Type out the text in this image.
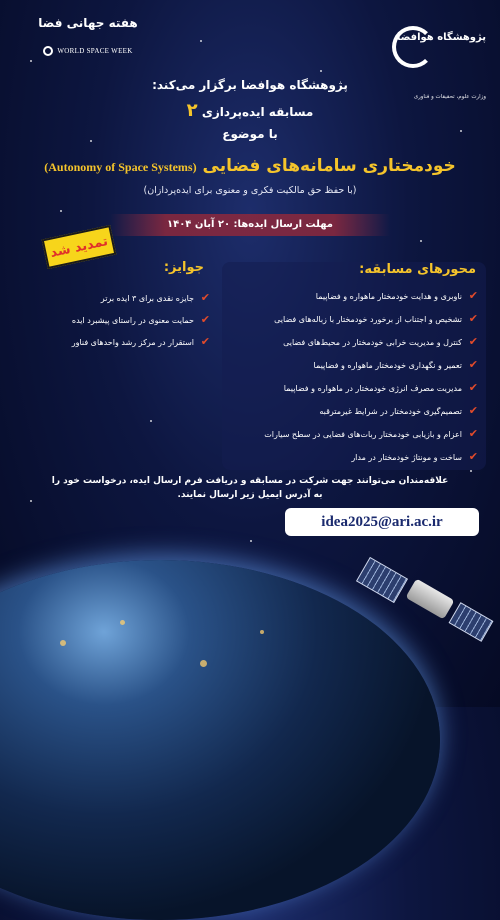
هفته جهانی فضا
WORLD SPACE WEEK
پژوهشگاه هوافضا
وزارت علوم، تحقیقات و فناوری
پژوهشگاه هوافضا برگزار می‌کند:
مسابقه ایده‌پردازی ۲
با موضوع
خودمختاری سامانه‌های فضایی (Autonomy of Space Systems)
(با حفظ حق مالکیت فکری و معنوی برای ایده‌پردازان)
مهلت ارسال ایده‌ها: ۲۰ آبان ۱۴۰۴
تمدید شد
جوایز:
✔
جایزه نقدی برای ۳ ایده برتر
✔
حمایت معنوی در راستای پیشبرد ایده
✔
استقرار در مرکز رشد واحدهای فناور
محورهای مسابقه:
✔
ناوبری و هدایت خودمختار ماهواره و فضاپیما
✔
تشخیص و اجتناب از برخورد خودمختار با زباله‌های فضایی
✔
کنترل و مدیریت خرابی خودمختار در محیط‌های فضایی
✔
تعمیر و نگهداری خودمختار ماهواره و فضاپیما
✔
مدیریت مصرف انرژی خودمختار در ماهواره و فضاپیما
✔
تصمیم‌گیری خودمختار در شرایط غیرمترقبه
✔
اعزام و بازیابی خودمختار ربات‌های فضایی در سطح سیارات
✔
ساخت و مونتاژ خودمختار در مدار
علاقه‌مندان می‌توانند جهت شرکت در مسابقه و دریافت فرم ارسال ایده، درخواست خود را
به آدرس ایمیل زیر ارسال نمایند.
idea2025@ari.ac.ir
